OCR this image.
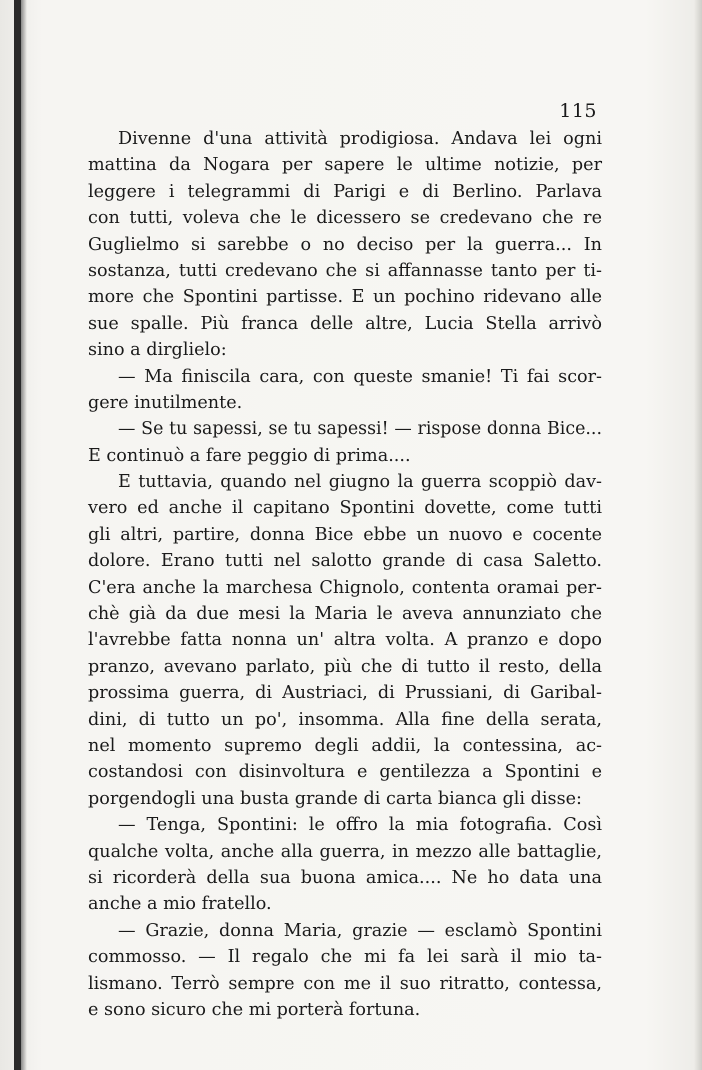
115
Divenne d'una attività prodigiosa. Andava lei ogni
mattina da Nogara per sapere le ultime notizie, per
leggere i telegrammi di Parigi e di Berlino. Parlava
con tutti, voleva che le dicessero se credevano che re
Guglielmo si sarebbe o no deciso per la guerra... In
sostanza, tutti credevano che si affannasse tanto per ti-
more che Spontini partisse. E un pochino ridevano alle
sue spalle. Più franca delle altre, Lucia Stella arrivò
sino a dirglielo:
— Ma finiscila cara, con queste smanie! Ti fai scor-
gere inutilmente.
— Se tu sapessi, se tu sapessi! — rispose donna Bice...
E continuò a fare peggio di prima....
E tuttavia, quando nel giugno la guerra scoppiò dav-
vero ed anche il capitano Spontini dovette, come tutti
gli altri, partire, donna Bice ebbe un nuovo e cocente
dolore. Erano tutti nel salotto grande di casa Saletto.
C'era anche la marchesa Chignolo, contenta oramai per-
chè già da due mesi la Maria le aveva annunziato che
l'avrebbe fatta nonna un' altra volta. A pranzo e dopo
pranzo, avevano parlato, più che di tutto il resto, della
prossima guerra, di Austriaci, di Prussiani, di Garibal-
dini, di tutto un po', insomma. Alla fine della serata,
nel momento supremo degli addii, la contessina, ac-
costandosi con disinvoltura e gentilezza a Spontini e
porgendogli una busta grande di carta bianca gli disse:
— Tenga, Spontini: le offro la mia fotografia. Così
qualche volta, anche alla guerra, in mezzo alle battaglie,
si ricorderà della sua buona amica.... Ne ho data una
anche a mio fratello.
— Grazie, donna Maria, grazie — esclamò Spontini
commosso. — Il regalo che mi fa lei sarà il mio ta-
lismano. Terrò sempre con me il suo ritratto, contessa,
e sono sicuro che mi porterà fortuna.
